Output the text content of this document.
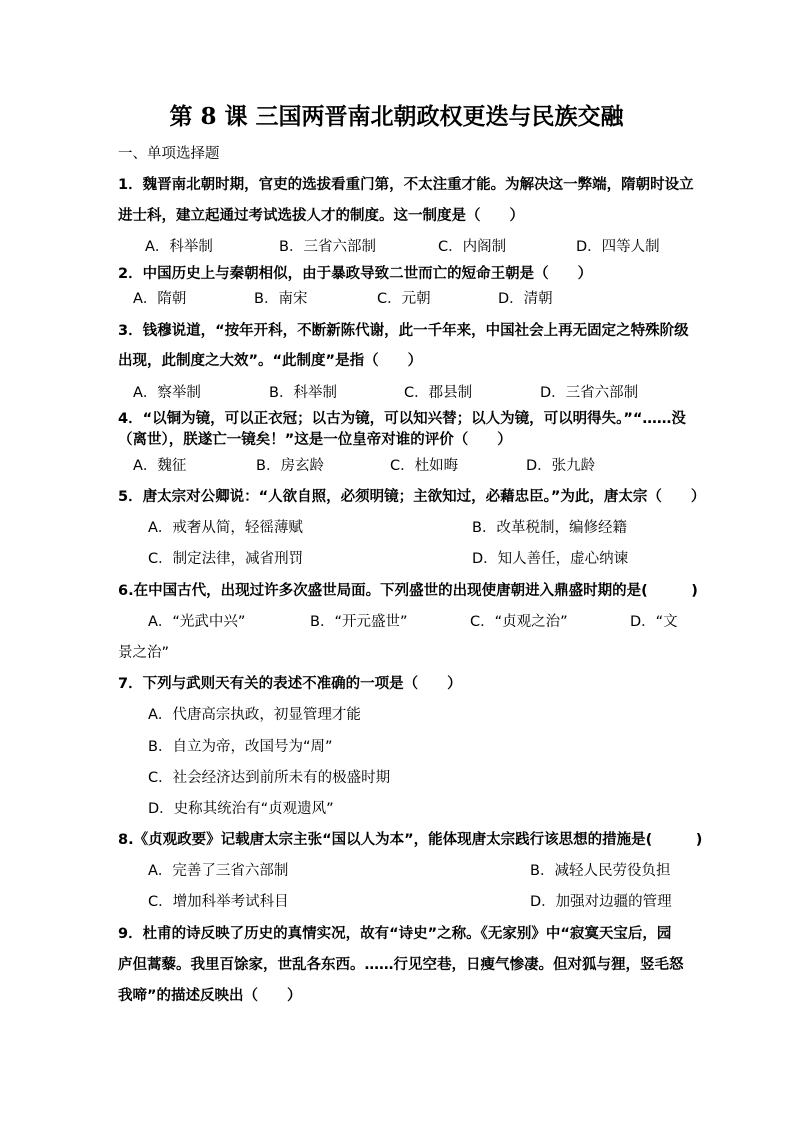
第 8 课 三国两晋南北朝政权更迭与民族交融
一、单项选择题
1．魏晋南北朝时期，官吏的选拔看重门第，不太注重才能。为解决这一弊端，隋朝时设立
进士科，建立起通过考试选拔人才的制度。这一制度是（　　）
A．科举制	B．三省六部制	C．内阁制	D．四等人制
2．中国历史上与秦朝相似，由于暴政导致二世而亡的短命王朝是（　　）
A．隋朝	B．南宋	C．元朝	D．清朝
3．钱穆说道，“按年开科，不断新陈代谢，此一千年来，中国社会上再无固定之特殊阶级
出现，此制度之大效”。“此制度”是指（　　）
A．察举制	B．科举制	C．郡县制	D．三省六部制
4．“以铜为镜，可以正衣冠；以古为镜，可以知兴替；以人为镜，可以明得失。”“……没
（离世），朕遂亡一镜矣！”这是一位皇帝对谁的评价（　　）
A．魏征	B．房玄龄	C．杜如晦	D．张九龄
5．唐太宗对公卿说：“人欲自照，必须明镜；主欲知过，必藉忠臣。”为此，唐太宗（　　）
A．戒奢从简，轻徭薄赋	B．改革税制，编修经籍
C．制定法律，减省刑罚	D．知人善任，虚心纳谏
6.在中国古代，出现过许多次盛世局面。下列盛世的出现使唐朝进入鼎盛时期的是(　　　)
A．“光武中兴”	B．“开元盛世”	C．“贞观之治”	D．“文
景之治”
7．下列与武则天有关的表述不准确的一项是（　　）
A．代唐高宗执政，初显管理才能
B．自立为帝，改国号为“周”
C．社会经济达到前所未有的极盛时期
D．史称其统治有“贞观遗风”
8.《贞观政要》记载唐太宗主张“国以人为本”，能体现唐太宗践行该思想的措施是(　　　)
A．完善了三省六部制	B．减轻人民劳役负担
C．增加科举考试科目	D．加强对边疆的管理
9．杜甫的诗反映了历史的真情实况，故有“诗史”之称。《无家别》中“寂寞天宝后，园
庐但蒿藜。我里百馀家，世乱各东西。……行见空巷，日瘦气惨凄。但对狐与狸，竖毛怒
我啼”的描述反映出（　　）
